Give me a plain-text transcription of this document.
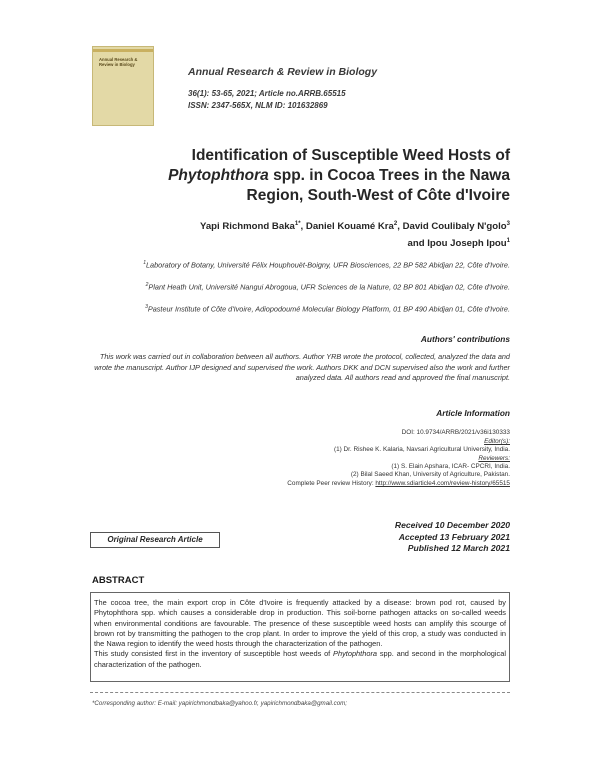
Annual Research & Review in Biology
Annual Research & Review in Biology
36(1): 53-65, 2021; Article no.ARRB.65515
ISSN: 2347-565X, NLM ID: 101632869
Identification of Susceptible Weed Hosts of
Phytophthora spp. in Cocoa Trees in the Nawa
Region, South-West of Côte d'Ivoire
Yapi Richmond Baka$^{1*}$, Daniel Kouamé Kra$^2$, David Coulibaly N'golo$^3$
and Ipou Joseph Ipou$^1$
$^1$Laboratory of Botany, Université Félix Houphouët-Boigny, UFR Biosciences, 22 BP 582 Abidjan 22, Côte d'Ivoire.
$^2$Plant Heath Unit, Université Nangui Abrogoua, UFR Sciences de la Nature, 02 BP 801 Abidjan 02, Côte d'Ivoire.
$^3$Pasteur Institute of Côte d'Ivoire, Adiopodoumé Molecular Biology Platform, 01 BP 490 Abidjan 01, Côte d'Ivoire.
Authors' contributions
This work was carried out in collaboration between all authors. Author YRB wrote the protocol, collected, analyzed the data and wrote the manuscript. Author IJP designed and supervised the work. Authors DKK and DCN supervised also the work and further analyzed data. All authors read and approved the final manuscript.
Article Information
DOI: 10.9734/ARRB/2021/v36i130333
Editor(s):
(1) Dr. Rishee K. Kalaria, Navsari Agricultural University, India.
Reviewers:
(1) S. Elain Apshara, ICAR- CPCRI, India.
(2) Bilal Saeed Khan, University of Agriculture, Pakistan.
Complete Peer review History: http://www.sdiarticle4.com/review-history/65515
Received 10 December 2020
Accepted 13 February 2021
Published 12 March 2021
Original Research Article
ABSTRACT

The cocoa tree, the main export crop in Côte d'Ivoire is frequently attacked by a disease: brown pod rot, caused by Phytophthora spp. which causes a considerable drop in production. This soil-borne pathogen attacks on so-called weeds when environmental conditions are favourable. The presence of these susceptible weed hosts can amplify this scourge of brown rot by transmitting the pathogen to the crop plant. In order to improve the yield of this crop, a study was conducted in the Nawa region to identify the weed hosts through the characterization of the pathogen.

This study consisted first in the inventory of susceptible host weeds of Phytophthora spp. and second in the morphological characterization of the pathogen.

*Corresponding author: E-mail: yapirichmondbaka@yahoo.fr, yapirichmondbaka@gmail.com;
